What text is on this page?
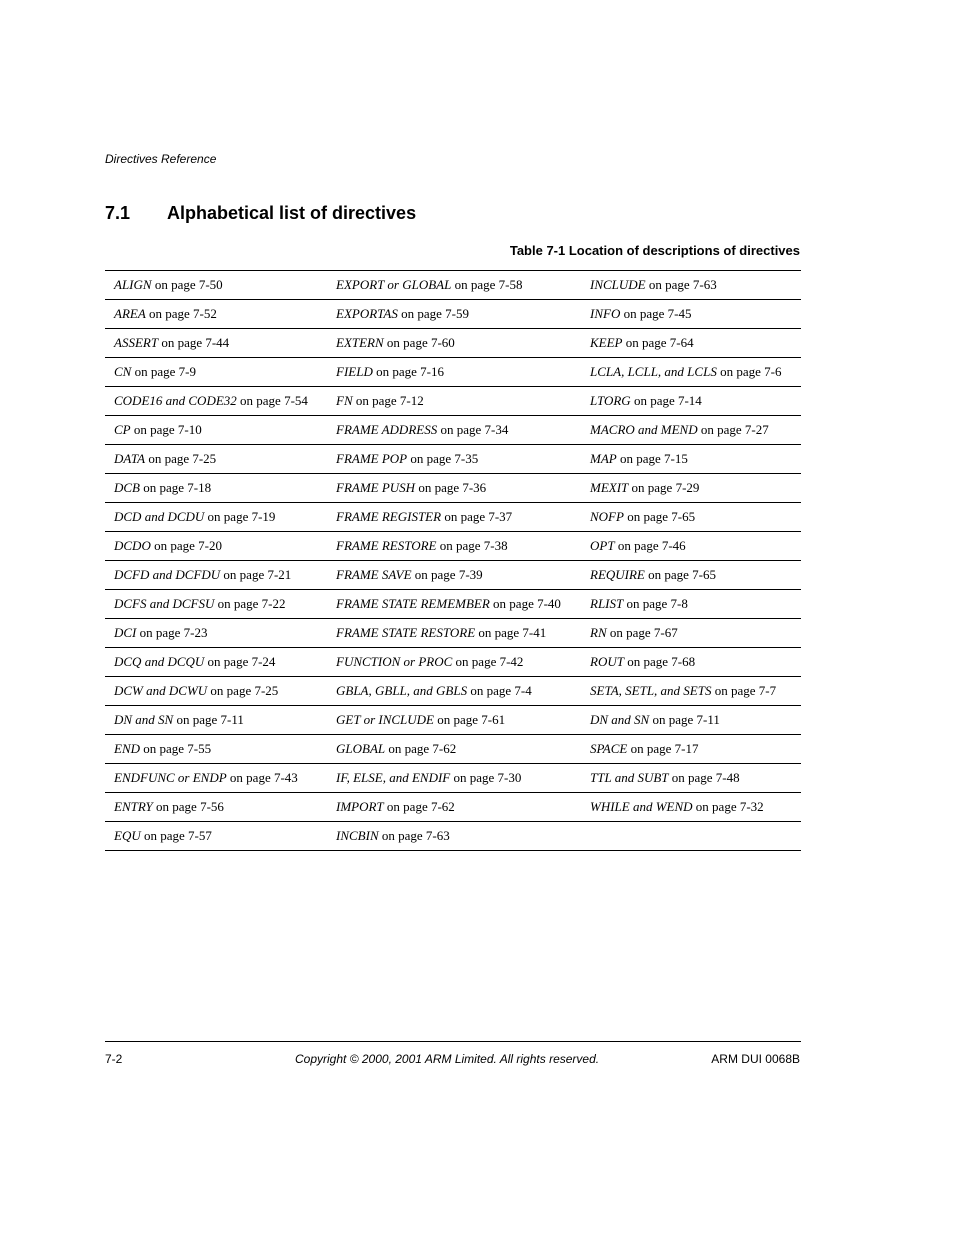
Directives Reference
7.1 Alphabetical list of directives
Table 7-1 Location of descriptions of directives
ALIGN on page 7-50	EXPORT or GLOBAL on page 7-58	INCLUDE on page 7-63
AREA on page 7-52	EXPORTAS on page 7-59	INFO on page 7-45
ASSERT on page 7-44	EXTERN on page 7-60	KEEP on page 7-64
CN on page 7-9	FIELD on page 7-16	LCLA, LCLL, and LCLS on page 7-6
CODE16 and CODE32 on page 7-54	FN on page 7-12	LTORG on page 7-14
CP on page 7-10	FRAME ADDRESS on page 7-34	MACRO and MEND on page 7-27
DATA on page 7-25	FRAME POP on page 7-35	MAP on page 7-15
DCB on page 7-18	FRAME PUSH on page 7-36	MEXIT on page 7-29
DCD and DCDU on page 7-19	FRAME REGISTER on page 7-37	NOFP on page 7-65
DCDO on page 7-20	FRAME RESTORE on page 7-38	OPT on page 7-46
DCFD and DCFDU on page 7-21	FRAME SAVE on page 7-39	REQUIRE on page 7-65
DCFS and DCFSU on page 7-22	FRAME STATE REMEMBER on page 7-40	RLIST on page 7-8
DCI on page 7-23	FRAME STATE RESTORE on page 7-41	RN on page 7-67
DCQ and DCQU on page 7-24	FUNCTION or PROC on page 7-42	ROUT on page 7-68
DCW and DCWU on page 7-25	GBLA, GBLL, and GBLS on page 7-4	SETA, SETL, and SETS on page 7-7
DN and SN on page 7-11	GET or INCLUDE on page 7-61	DN and SN on page 7-11
END on page 7-55	GLOBAL on page 7-62	SPACE on page 7-17
ENDFUNC or ENDP on page 7-43	IF, ELSE, and ENDIF on page 7-30	TTL and SUBT on page 7-48
ENTRY on page 7-56	IMPORT on page 7-62	WHILE and WEND on page 7-32
EQU on page 7-57	INCBIN on page 7-63	
7-2	Copyright © 2000, 2001 ARM Limited. All rights reserved.	ARM DUI 0068B
